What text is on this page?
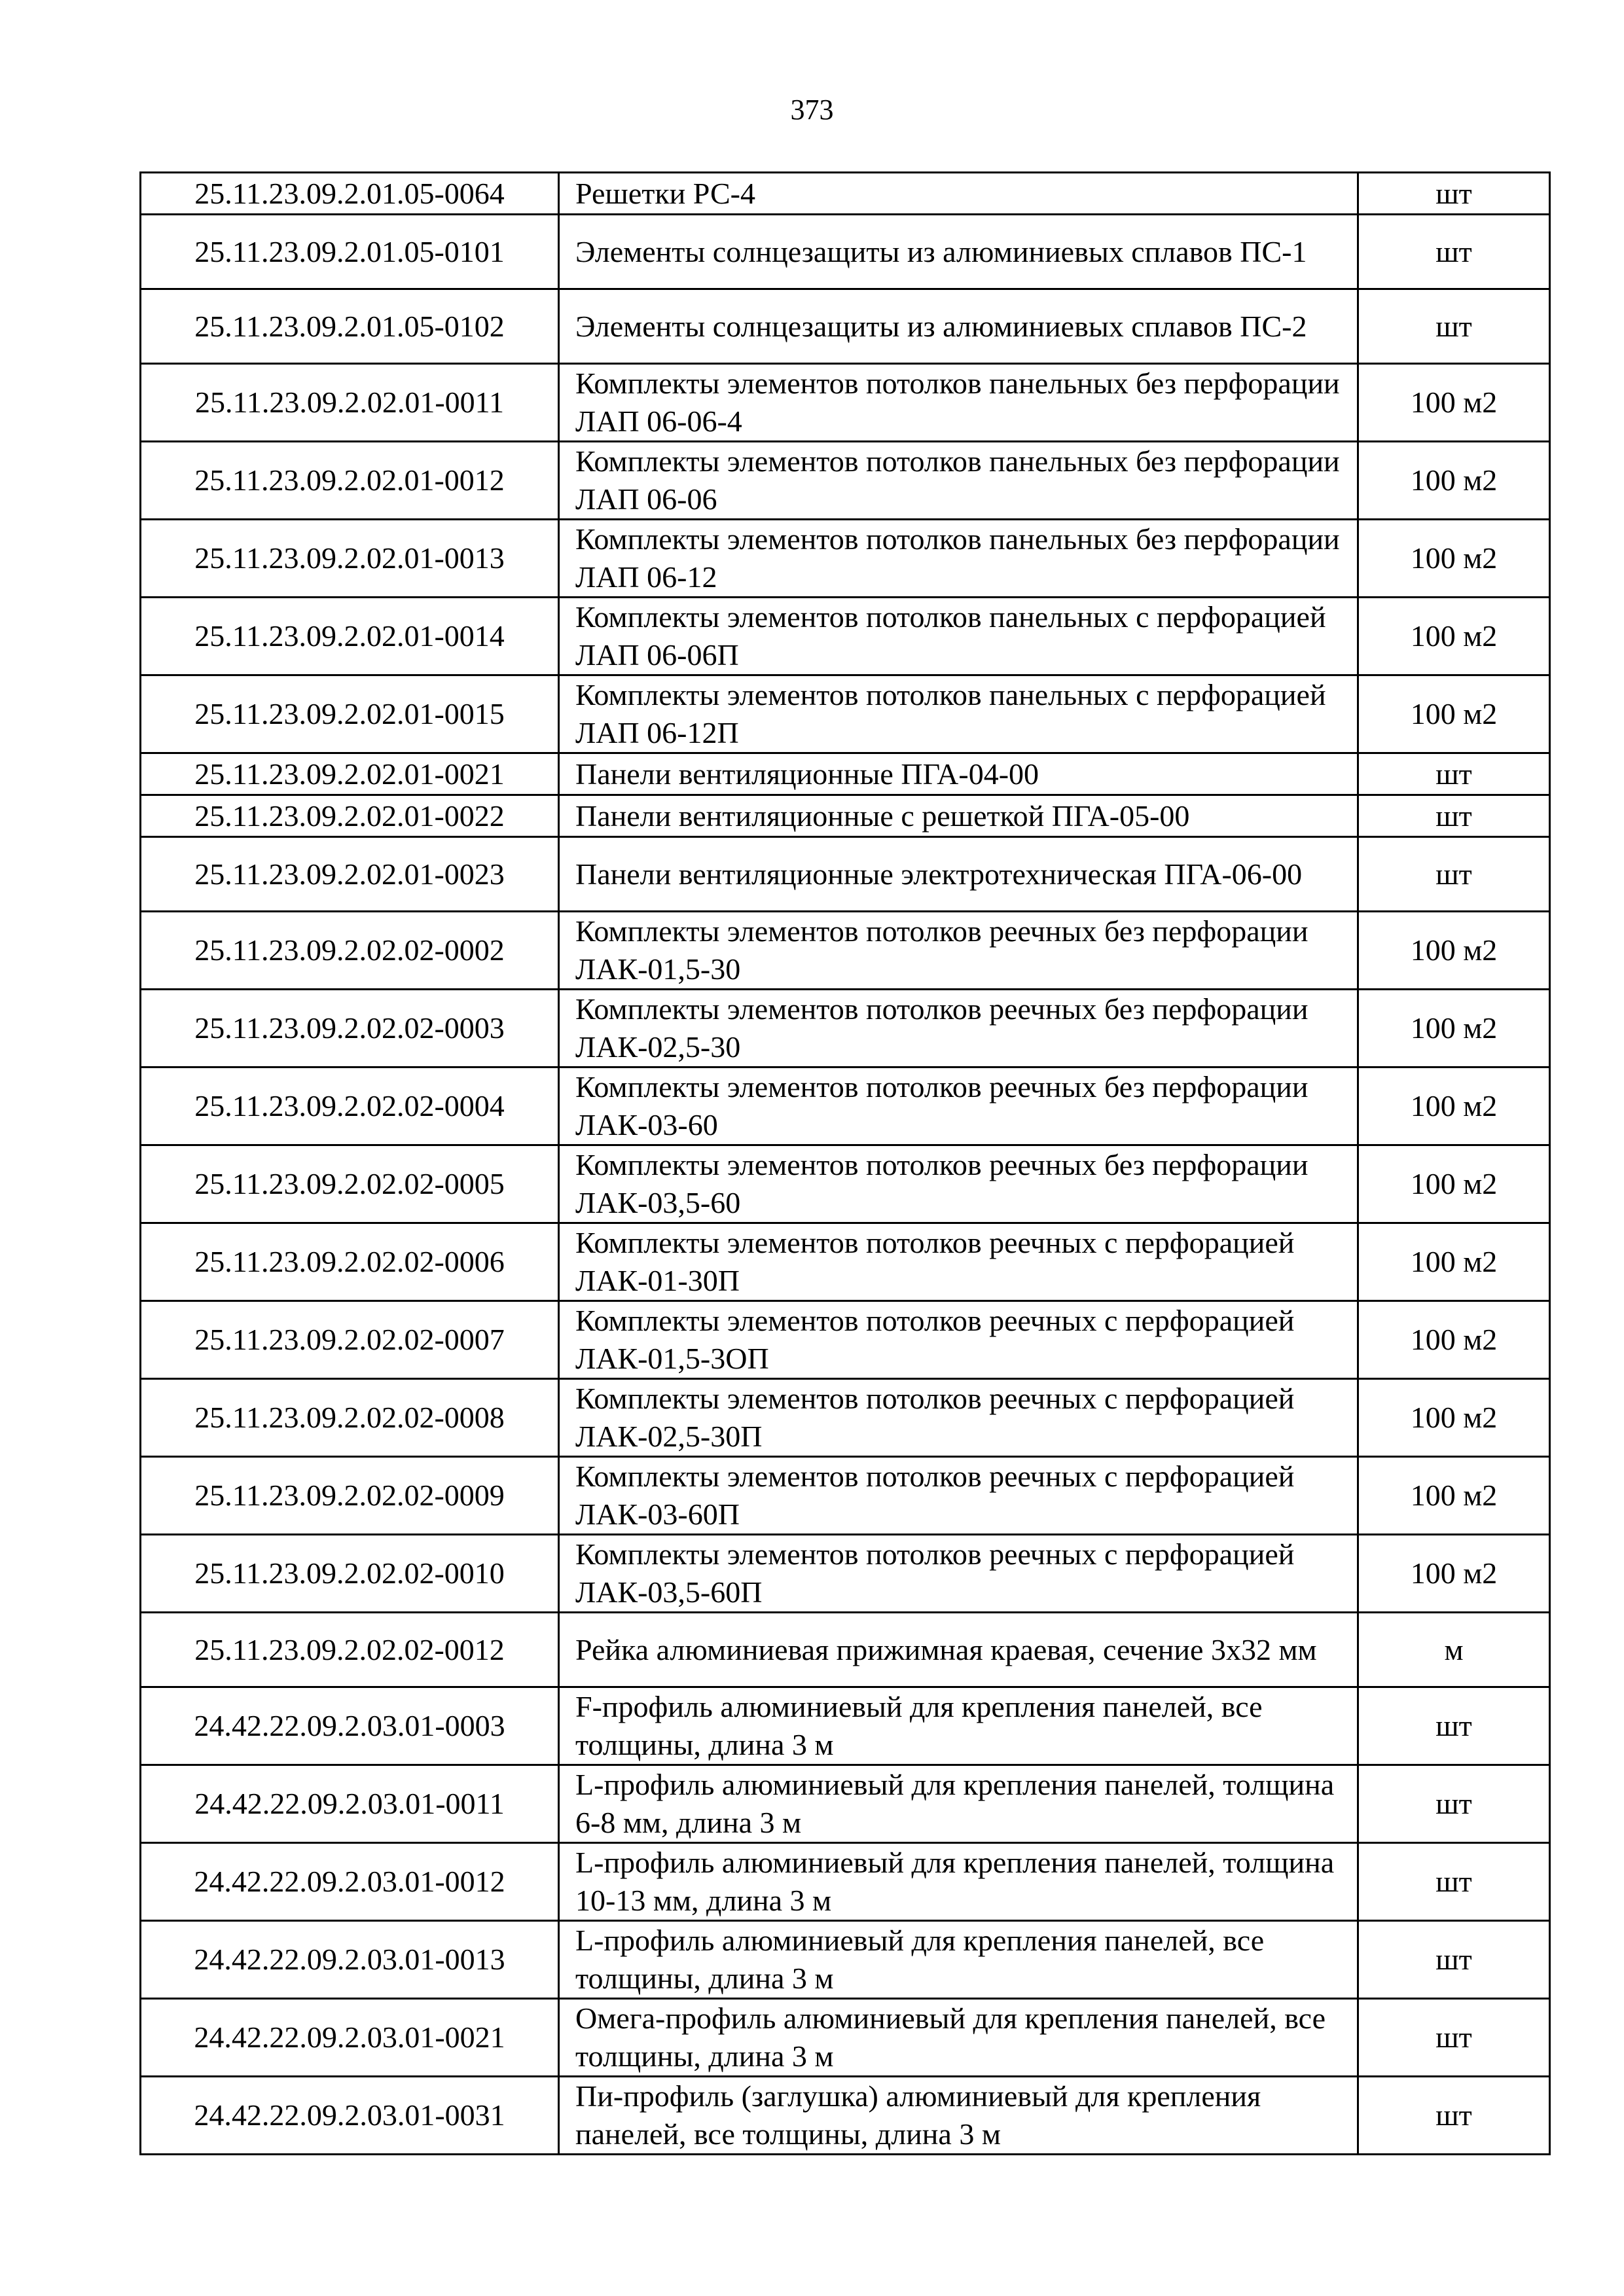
373
25.11.23.09.2.01.05-0064	Решетки РС-4	шт
25.11.23.09.2.01.05-0101	Элементы солнцезащиты из алюминиевых сплавов ПС-1	шт
25.11.23.09.2.01.05-0102	Элементы солнцезащиты из алюминиевых сплавов ПС-2	шт
25.11.23.09.2.02.01-0011	Комплекты элементов потолков панельных без перфорации ЛАП 06-06-4	100 м2
25.11.23.09.2.02.01-0012	Комплекты элементов потолков панельных без перфорации ЛАП 06-06	100 м2
25.11.23.09.2.02.01-0013	Комплекты элементов потолков панельных без перфорации ЛАП 06-12	100 м2
25.11.23.09.2.02.01-0014	Комплекты элементов потолков панельных с перфорацией ЛАП 06-06П	100 м2
25.11.23.09.2.02.01-0015	Комплекты элементов потолков панельных с перфорацией ЛАП 06-12П	100 м2
25.11.23.09.2.02.01-0021	Панели вентиляционные ПГА-04-00	шт
25.11.23.09.2.02.01-0022	Панели вентиляционные с решеткой ПГА-05-00	шт
25.11.23.09.2.02.01-0023	Панели вентиляционные электротехническая ПГА-06-00	шт
25.11.23.09.2.02.02-0002	Комплекты элементов потолков реечных без перфорации ЛАК-01,5-30	100 м2
25.11.23.09.2.02.02-0003	Комплекты элементов потолков реечных без перфорации ЛАК-02,5-30	100 м2
25.11.23.09.2.02.02-0004	Комплекты элементов потолков реечных без перфорации ЛАК-03-60	100 м2
25.11.23.09.2.02.02-0005	Комплекты элементов потолков реечных без перфорации ЛАК-03,5-60	100 м2
25.11.23.09.2.02.02-0006	Комплекты элементов потолков реечных с перфорацией ЛАК-01-30П	100 м2
25.11.23.09.2.02.02-0007	Комплекты элементов потолков реечных с перфорацией ЛАК-01,5-3ОП	100 м2
25.11.23.09.2.02.02-0008	Комплекты элементов потолков реечных с перфорацией ЛАК-02,5-30П	100 м2
25.11.23.09.2.02.02-0009	Комплекты элементов потолков реечных с перфорацией ЛАК-03-60П	100 м2
25.11.23.09.2.02.02-0010	Комплекты элементов потолков реечных с перфорацией ЛАК-03,5-60П	100 м2
25.11.23.09.2.02.02-0012	Рейка алюминиевая прижимная краевая, сечение 3x32 мм	м
24.42.22.09.2.03.01-0003	F-профиль алюминиевый для крепления панелей, все толщины, длина 3 м	шт
24.42.22.09.2.03.01-0011	L-профиль алюминиевый для крепления панелей, толщина 6-8 мм, длина 3 м	шт
24.42.22.09.2.03.01-0012	L-профиль алюминиевый для крепления панелей, толщина 10-13 мм, длина 3 м	шт
24.42.22.09.2.03.01-0013	L-профиль алюминиевый для крепления панелей, все толщины, длина 3 м	шт
24.42.22.09.2.03.01-0021	Омега-профиль алюминиевый для крепления панелей, все толщины, длина 3 м	шт
24.42.22.09.2.03.01-0031	Пи-профиль (заглушка) алюминиевый для крепления панелей, все толщины, длина 3 м	шт
